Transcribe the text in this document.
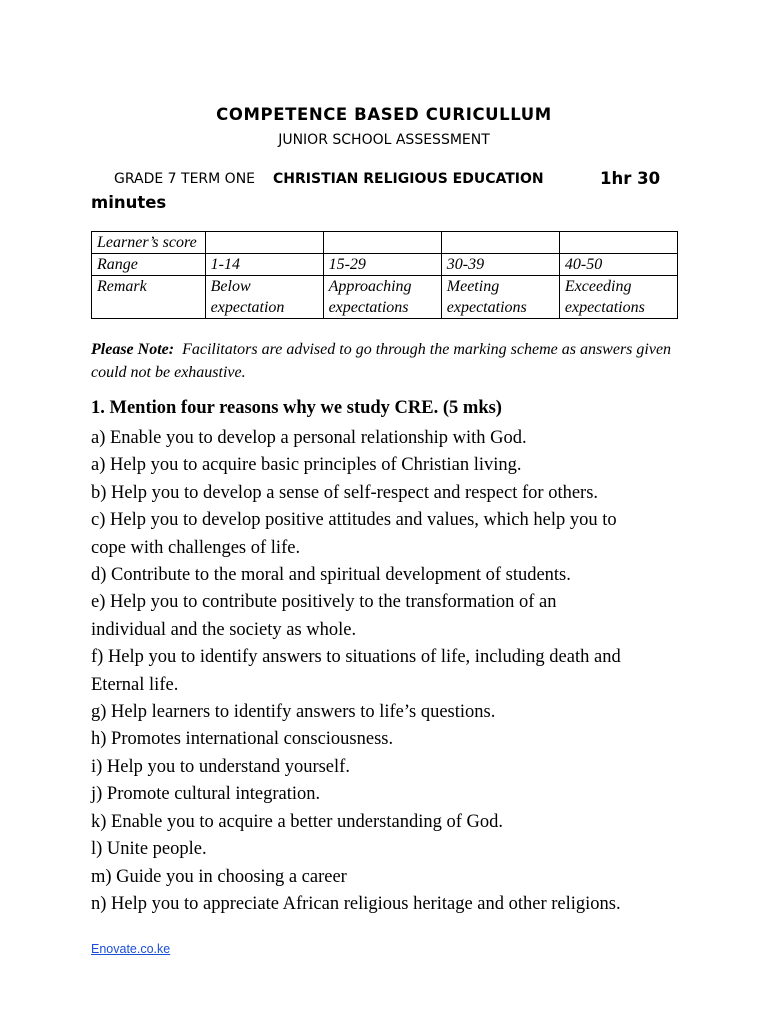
COMPETENCE BASED CURICULLUM
JUNIOR SCHOOL ASSESSMENT
GRADE 7 TERM ONE CHRISTIAN RELIGIOUS EDUCATION	1hr 30
minutes
Learner’s score				
Range	1-14	15-29	30-39	40-50
Remark	Below expectation	Approaching expectations	Meeting expectations	Exceeding expectations
Please Note: Facilitators are advised to go through the marking scheme as answers given could not be exhaustive.
1. Mention four reasons why we study CRE. (5 mks)
a) Enable you to develop a personal relationship with God.
a) Help you to acquire basic principles of Christian living.
b) Help you to develop a sense of self-respect and respect for others.
c) Help you to develop positive attitudes and values, which help you to
cope with challenges of life.
d) Contribute to the moral and spiritual development of students.
e) Help you to contribute positively to the transformation of an
individual and the society as whole.
f) Help you to identify answers to situations of life, including death and
Eternal life.
g) Help learners to identify answers to life’s questions.
h) Promotes international consciousness.
i) Help you to understand yourself.
j) Promote cultural integration.
k) Enable you to acquire a better understanding of God.
l) Unite people.
m) Guide you in choosing a career
n) Help you to appreciate African religious heritage and other religions.
Enovate.co.ke
